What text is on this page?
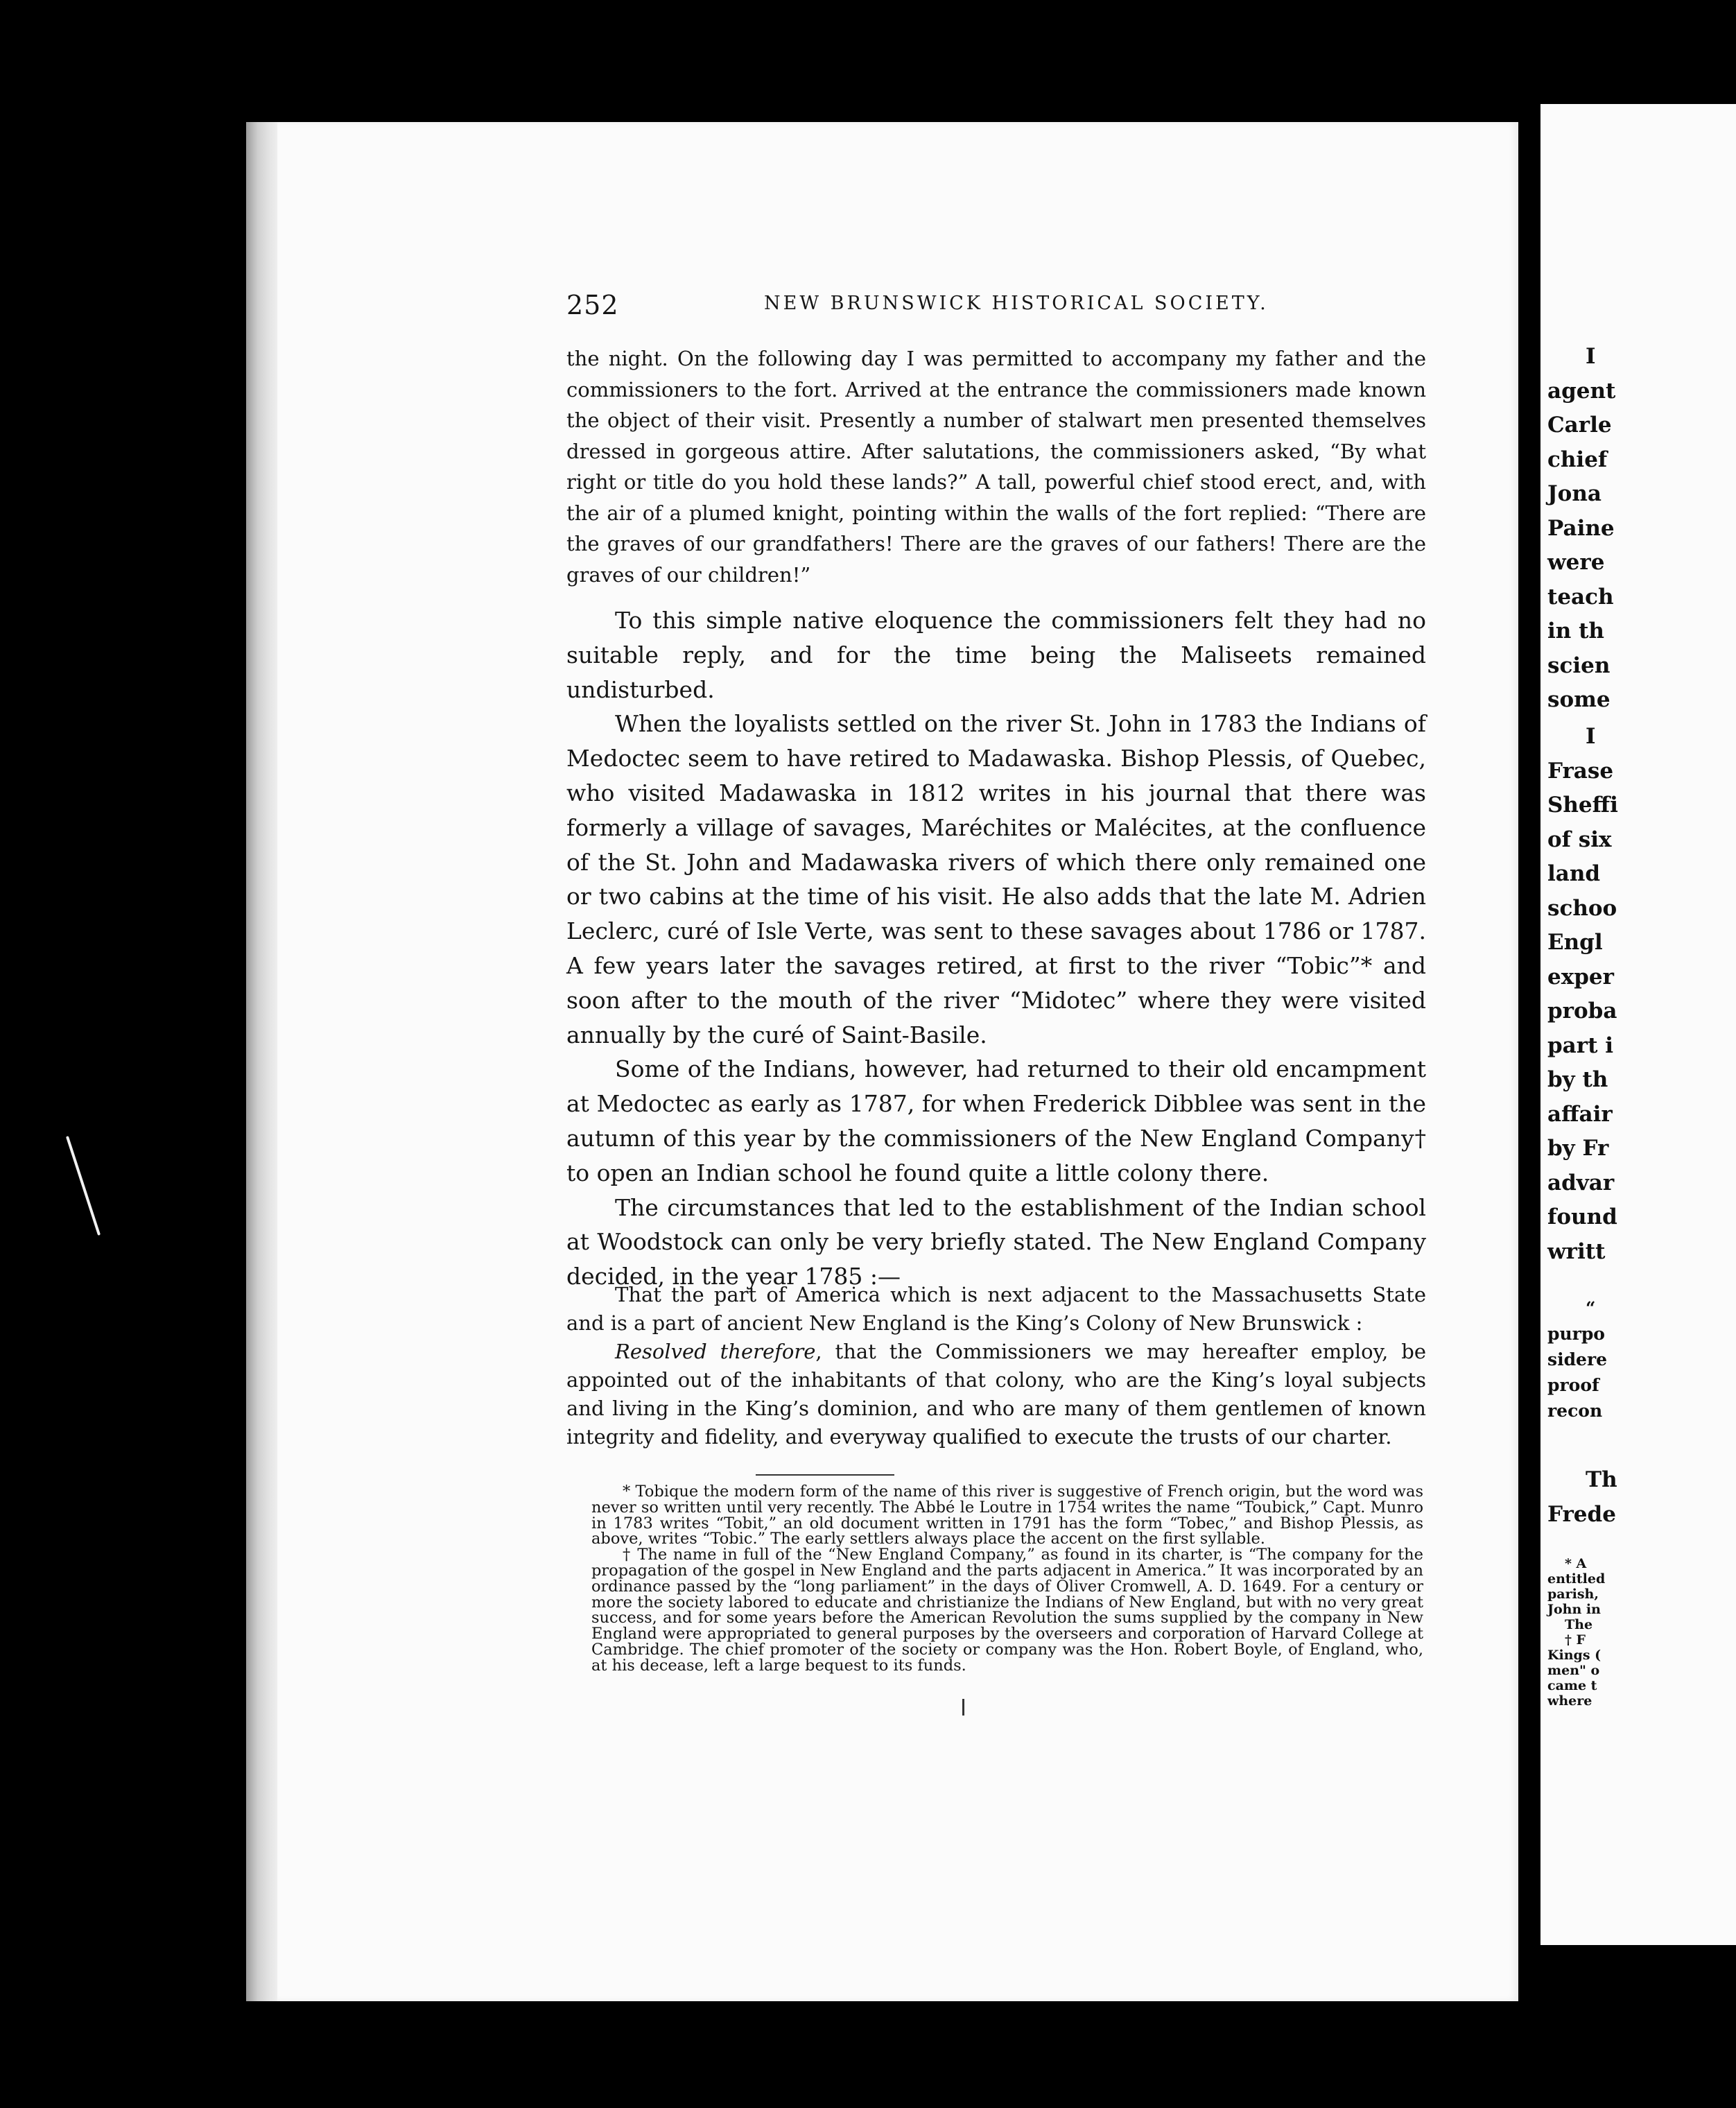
252	NEW BRUNSWICK HISTORICAL SOCIETY.

the night. On the following day I was permitted to accompany my father and the commissioners to the fort. Arrived at the entrance the commissioners made known the object of their visit. Presently a number of stalwart men presented themselves dressed in gorgeous attire. After salutations, the commissioners asked, “By what right or title do you hold these lands?” A tall, powerful chief stood erect, and, with the air of a plumed knight, pointing within the walls of the fort replied: “There are the graves of our grandfathers! There are the graves of our fathers! There are the graves of our children!”

To this simple native eloquence the commissioners felt they had no suitable reply, and for the time being the Maliseets remained undisturbed.

When the loyalists settled on the river St. John in 1783 the Indians of Medoctec seem to have retired to Madawaska. Bishop Plessis, of Quebec, who visited Madawaska in 1812 writes in his journal that there was formerly a village of savages, Maréchites or Malécites, at the confluence of the St. John and Madawaska rivers of which there only remained one or two cabins at the time of his visit. He also adds that the late M. Adrien Leclerc, curé of Isle Verte, was sent to these savages about 1786 or 1787. A few years later the savages retired, at first to the river “Tobic”* and soon after to the mouth of the river “Midotec” where they were visited annually by the curé of Saint-Basile.

Some of the Indians, however, had returned to their old encampment at Medoctec as early as 1787, for when Frederick Dibblee was sent in the autumn of this year by the commissioners of the New England Company† to open an Indian school he found quite a little colony there.

The circumstances that led to the establishment of the Indian school at Woodstock can only be very briefly stated. The New England Company decided, in the year 1785 :—

That the part of America which is next adjacent to the Massachusetts State and is a part of ancient New England is the King’s Colony of New Brunswick :

Resolved therefore, that the Commissioners we may hereafter employ, be appointed out of the inhabitants of that colony, who are the King’s loyal subjects and living in the King’s dominion, and who are many of them gentlemen of known integrity and fidelity, and everyway qualified to execute the trusts of our charter.

* Tobique the modern form of the name of this river is suggestive of French origin, but the word was never so written until very recently. The Abbé le Loutre in 1754 writes the name “Toubick,” Capt. Munro in 1783 writes “Tobit,” an old document written in 1791 has the form “Tobec,” and Bishop Plessis, as above, writes “Tobic.” The early settlers always place the accent on the first syllable.

† The name in full of the “New England Company,” as found in its charter, is “The company for the propagation of the gospel in New England and the parts adjacent in America.” It was incorporated by an ordinance passed by the “long parliament” in the days of Oliver Cromwell, A. D. 1649. For a century or more the society labored to educate and christianize the Indians of New England, but with no very great success, and for some years before the American Revolution the sums supplied by the company in New England were appropriated to general purposes by the overseers and corporation of Harvard College at Cambridge. The chief promoter of the society or company was the Hon. Robert Boyle, of England, who, at his decease, left a large bequest to its funds.

I
agent
Carle
chief
Jona
Paine
were
teach
in th
scien
some
I
Frase
Sheffi
of six
land
schoo
Engl
exper
proba
part i
by th
affair
by Fr
advar
found
writt
“
purpo
sidere
proof
recon
Th
Frede
* A
entitled
parish,
John in
The
† F
Kings (
men" o
came t
where
